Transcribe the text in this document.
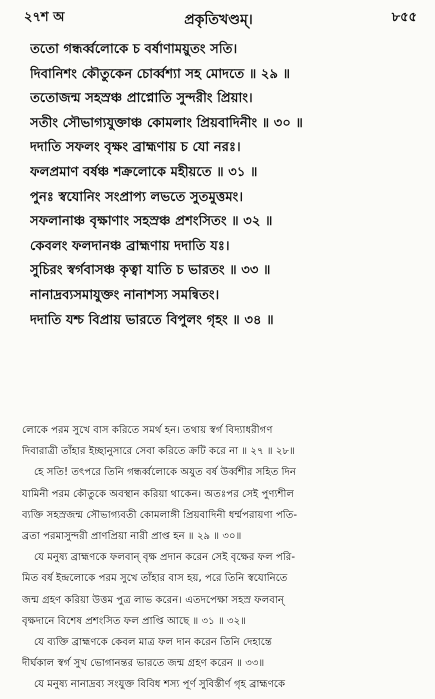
২৭শ অ	প্রকৃতিখণ্ডম্।	৮৫৫
ততো গন্ধর্ব্বলোকে চ বর্ষাণাময়ুতং সতি।
দিবানিশং কৌতুকেন চোর্ব্বশ্যা সহ মোদতে ॥ ২৯ ॥
ততোজন্ম সহস্রঞ্চ প্রাপ্নোতি সুন্দরীং প্রিয়াং।
সতীং সৌভাগ্যযুক্তাঞ্চ কোমলাং প্রিয়বাদিনীং ॥ ৩০ ॥
দদাতি সফলং বৃক্ষং ব্রাহ্মণায় চ যো নরঃ।
ফলপ্রমাণ বর্ষঞ্চ শক্রলোকে মহীয়তে ॥ ৩১ ॥
পুনঃ স্বযোনিং সংপ্রাপ্য লভতে সুতমুত্তমং।
সফলানাঞ্চ বৃক্ষাণাং সহস্রঞ্চ প্রশংসিতং ॥ ৩২ ॥
কেবলং ফলদানঞ্চ ব্রাহ্মণায় দদাতি যঃ।
সুচিরং স্বর্গবাসঞ্চ কৃত্বা যাতি চ ভারতং ॥ ৩৩ ॥
নানাদ্রব্যসমাযুক্তং নানাশস্য সমন্বিতং।
দদাতি যশ্চ বিপ্রায় ভারতে বিপুলং গৃহং ॥ ৩৪ ॥
লোকে পরম সুখে বাস করিতে সমর্থ হন। তথায় স্বর্গ বিদ্যাধরীগণ
দিবারাত্রী তাঁহার ইচ্ছানুসারে সেবা করিতে ক্রটি করে না ॥ ২৭ ॥ ২৮॥
হে সতি! তৎপরে তিনি গন্ধর্ব্বলোকে অযুত বর্ষ উর্ব্বশীর সহিত দিন
যামিনী পরম কৌতুকে অবস্থান করিয়া থাকেন। অতঃপর সেই পুণ্যশীল
ব্যক্তি সহস্রজন্ম সৌভাগ্যবতী কোমলাঙ্গী প্রিয়বাদিনী ধর্ম্মপরায়ণা পতি-
ব্রতা পরমাসুন্দরী প্রাণপ্রিয়া নারী প্রাপ্ত হন ॥ ২৯ ॥ ৩০॥
যে মনুষ্য ব্রাহ্মণকে ফলবান্ বৃক্ষ প্রদান করেন সেই বৃক্ষের ফল পরি-
মিত বর্ষ ইন্দ্রলোকে পরম সুখে তাঁহার বাস হয়, পরে তিনি স্বযোনিতে
জন্ম গ্রহণ করিয়া উত্তম পুত্র লাভ করেন। এতদপেক্ষা সহস্র ফলবান্
বৃক্ষদানে বিশেষ প্রশংসিত ফল প্রাপ্তি আছে ॥ ৩১ ॥ ৩২॥
যে ব্যক্তি ব্রাহ্মণকে কেবল মাত্র ফল দান করেন তিনি দেহান্তে
দীর্ঘকাল স্বর্গ সুখ ভোগানন্তর ভারতে জন্ম গ্রহণ করেন ॥ ৩৩॥
যে মনুষ্য নানাদ্রব্য সংযুক্ত বিবিধ শস্য পূর্ণ সুবিস্তীর্ণ গৃহ ব্রাহ্মণকে
